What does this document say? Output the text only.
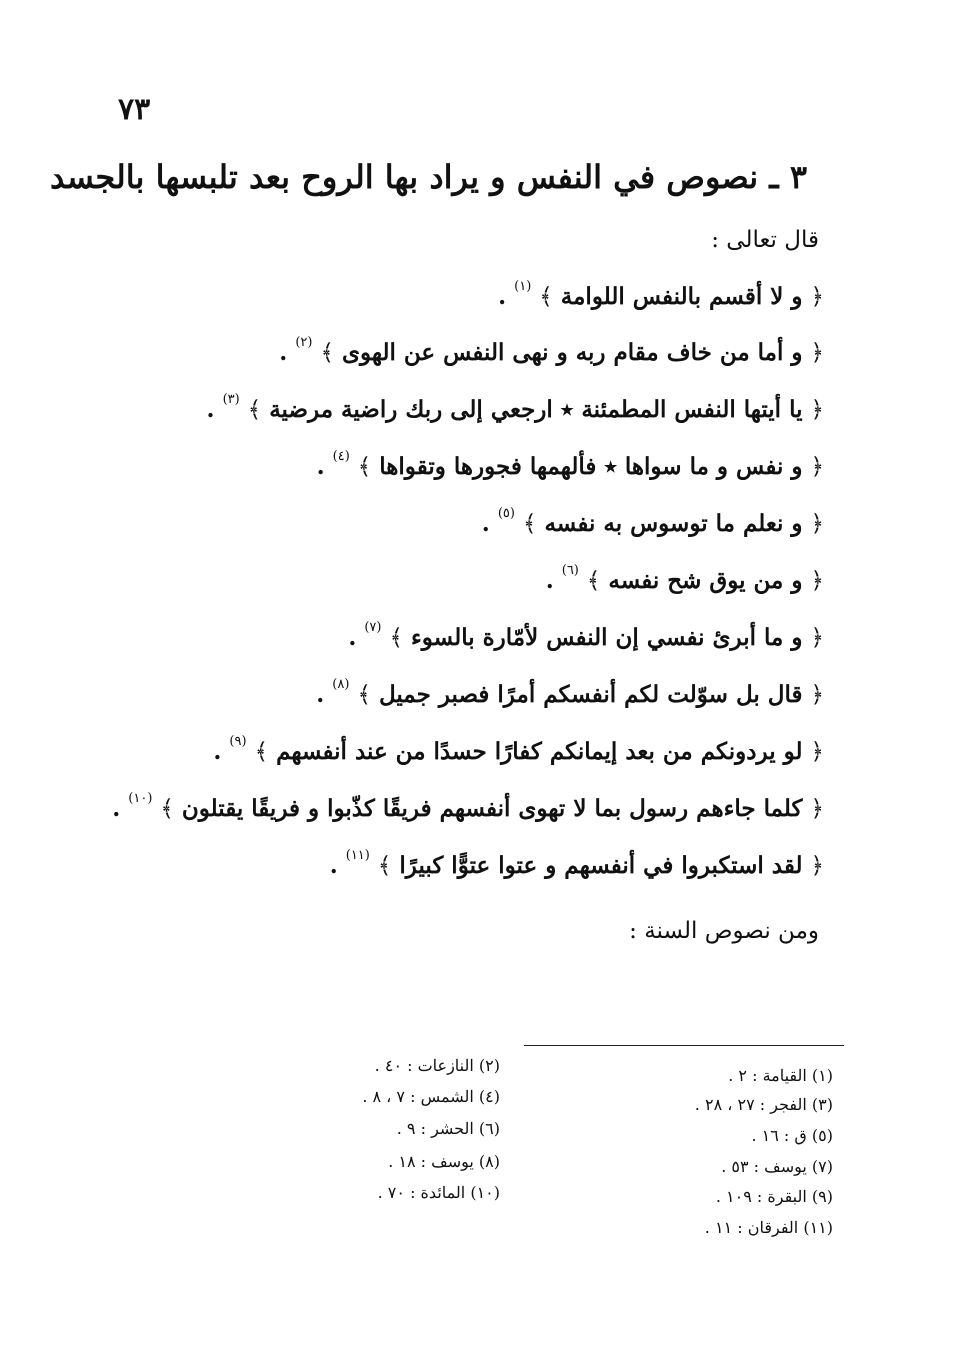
٧٣
٣ ـ نصوص في النفس و يراد بها الروح بعد تلبسها بالجسد
قال تعالى :
﴿ و لا أقسم بالنفس اللوامة ﴾ $^{(١)}$ .
﴿ و أما من خاف مقام ربه و نهى النفس عن الهوى ﴾ $^{(٢)}$ .
﴿ يا أيتها النفس المطمئنة ٭ ارجعي إلى ربك راضية مرضية ﴾ $^{(٣)}$ .
﴿ و نفس و ما سواها ٭ فألهمها فجورها وتقواها ﴾ $^{(٤)}$ .
﴿ و نعلم ما توسوس به نفسه ﴾ $^{(٥)}$ .
﴿ و من يوق شح نفسه ﴾ $^{(٦)}$ .
﴿ و ما أبرئ نفسي إن النفس لأمّارة بالسوء ﴾ $^{(٧)}$ .
﴿ قال بل سوّلت لكم أنفسكم أمرًا فصبر جميل ﴾ $^{(٨)}$ .
﴿ لو يردونكم من بعد إيمانكم كفارًا حسدًا من عند أنفسهم ﴾ $^{(٩)}$ .
﴿ كلما جاءهم رسول بما لا تهوى أنفسهم فريقًا كذّبوا و فريقًا يقتلون ﴾ $^{(١٠)}$ .
﴿ لقد استكبروا في أنفسهم و عتوا عتوًّا كبيرًا ﴾ $^{(١١)}$ .
ومن نصوص السنة :
(١) القيامة : ٢ .
(٣) الفجر : ٢٧ ، ٢٨ .
(٥) ق : ١٦ .
(٧) يوسف : ٥٣ .
(٩) البقرة : ١٠٩ .
(١١) الفرقان : ١١ .
(٢) النازعات : ٤٠ .
(٤) الشمس : ٧ ، ٨ .
(٦) الحشر : ٩ .
(٨) يوسف : ١٨ .
(١٠) المائدة : ٧٠ .
